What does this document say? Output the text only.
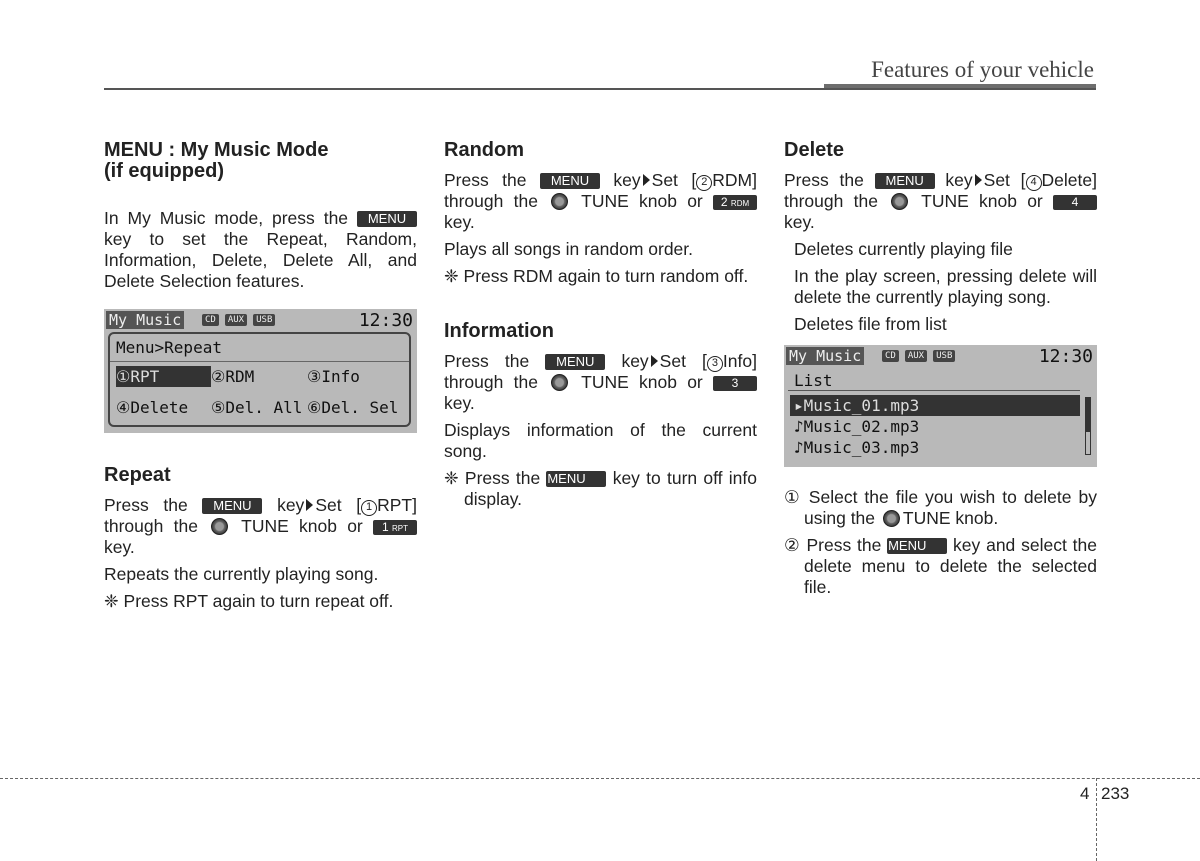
Features of your vehicle
MENU : My Music Mode
(if equipped)

In My Music mode, press the MENU key to set the Repeat, Random, Information, Delete, Delete All, and Delete Selection features.

My Music	CD	AUX	USB	12:30
Menu>Repeat
①RPT	②RDM	③Info
④Delete	⑤Del. All ⑥Del. Sel
Repeat

Press the MENU key Set [ 1 RPT] through the TUNE knob or 1 RPT key.

Repeats the currently playing song.

❈ Press RPT again to turn repeat off.

Random

Press the MENU key Set [ 2 RDM] through the TUNE knob or 2 RDM key.

Plays all songs in random order.

❈ Press RDM again to turn random off.

Information

Press the MENU key Set [ 3 Info] through the TUNE knob or 3 key.

Displays information of the current song.

❈ Press the MENU key to turn off info display.

Delete

Press the MENU key Set [ 4 Delete] through the TUNE knob or 4 key.

Deletes currently playing file

In the play screen, pressing delete will delete the currently playing song.

Deletes file from list

My Music	CD	AUX	USB	12:30
List
▸Music_01.mp3
♪Music_02.mp3
♪Music_03.mp3

① Select the file you wish to delete by using the TUNE knob.

② Press the MENU key and select the delete menu to delete the selected file.

4 233
